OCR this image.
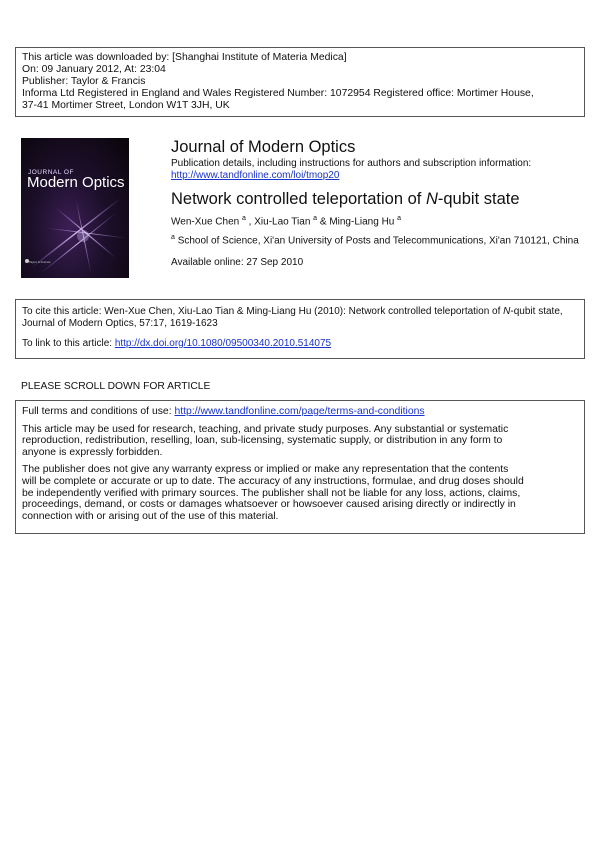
This article was downloaded by: [Shanghai Institute of Materia Medica]

On: 09 January 2012, At: 23:04

Publisher: Taylor & Francis

Informa Ltd Registered in England and Wales Registered Number: 1072954 Registered office: Mortimer House,

37-41 Mortimer Street, London W1T 3JH, UK

JOURNAL OF
Modern Optics
Taylor & Francis
Journal of Modern Optics
Publication details, including instructions for authors and subscription information:
http://www.tandfonline.com/loi/tmop20
Network controlled teleportation of N-qubit state
Wen-Xue Chen $^a$ , Xiu-Lao Tian $^a$ & Ming-Liang Hu $^a$
$^a$ School of Science, Xi'an University of Posts and Telecommunications, Xi'an 710121, China
Available online: 27 Sep 2010
To cite this article: Wen-Xue Chen, Xiu-Lao Tian & Ming-Liang Hu (2010): Network controlled teleportation of N-qubit state,
Journal of Modern Optics, 57:17, 1619-1623
To link to this article: http://dx.doi.org/10.1080/09500340.2010.514075
PLEASE SCROLL DOWN FOR ARTICLE

Full terms and conditions of use: http://www.tandfonline.com/page/terms-and-conditions

This article may be used for research, teaching, and private study purposes. Any substantial or systematic
reproduction, redistribution, reselling, loan, sub-licensing, systematic supply, or distribution in any form to
anyone is expressly forbidden.

The publisher does not give any warranty express or implied or make any representation that the contents
will be complete or accurate or up to date. The accuracy of any instructions, formulae, and drug doses should
be independently verified with primary sources. The publisher shall not be liable for any loss, actions, claims,
proceedings, demand, or costs or damages whatsoever or howsoever caused arising directly or indirectly in
connection with or arising out of the use of this material.
